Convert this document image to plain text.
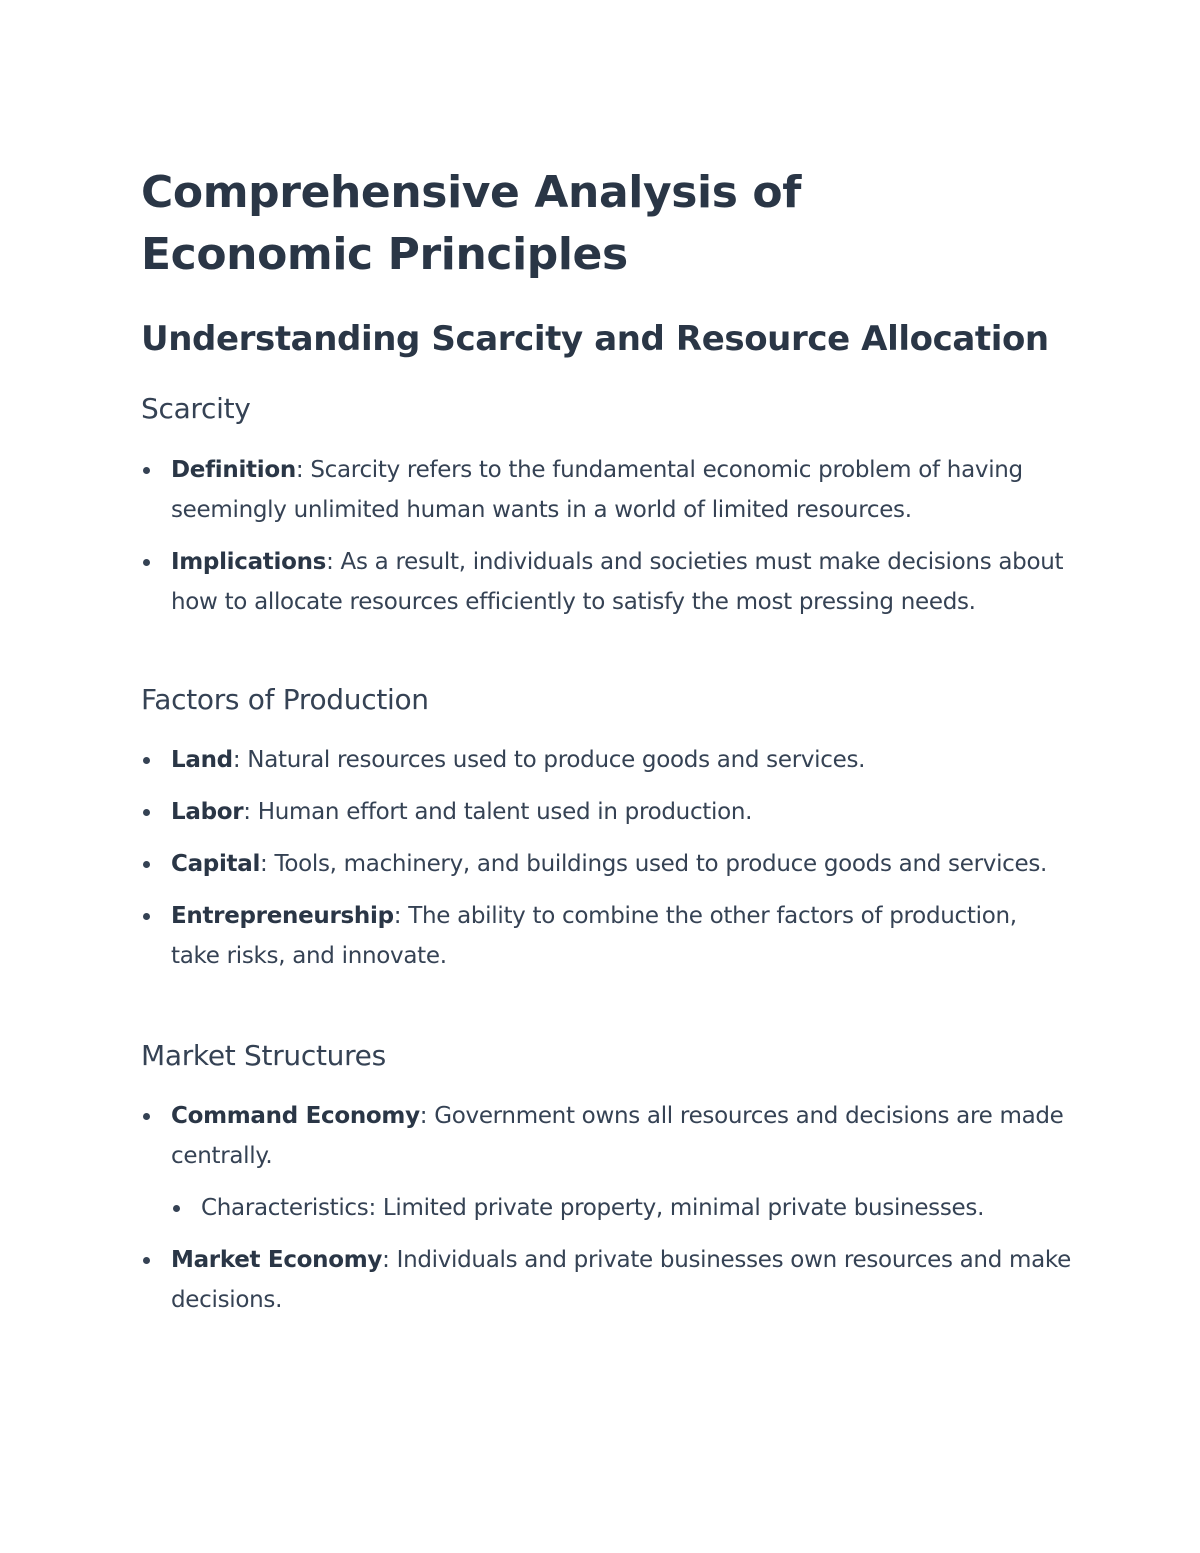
Comprehensive Analysis of Economic Principles
Understanding Scarcity and Resource Allocation
Scarcity
Definition: Scarcity refers to the fundamental economic problem of having seemingly unlimited human wants in a world of limited resources.
Implications: As a result, individuals and societies must make decisions about how to allocate resources efficiently to satisfy the most pressing needs.
Factors of Production
Land: Natural resources used to produce goods and services.
Labor: Human effort and talent used in production.
Capital: Tools, machinery, and buildings used to produce goods and services.
Entrepreneurship: The ability to combine the other factors of production, take risks, and innovate.
Market Structures
Command Economy: Government owns all resources and decisions are made centrally.
Characteristics: Limited private property, minimal private businesses.
Market Economy: Individuals and private businesses own resources and make decisions.
